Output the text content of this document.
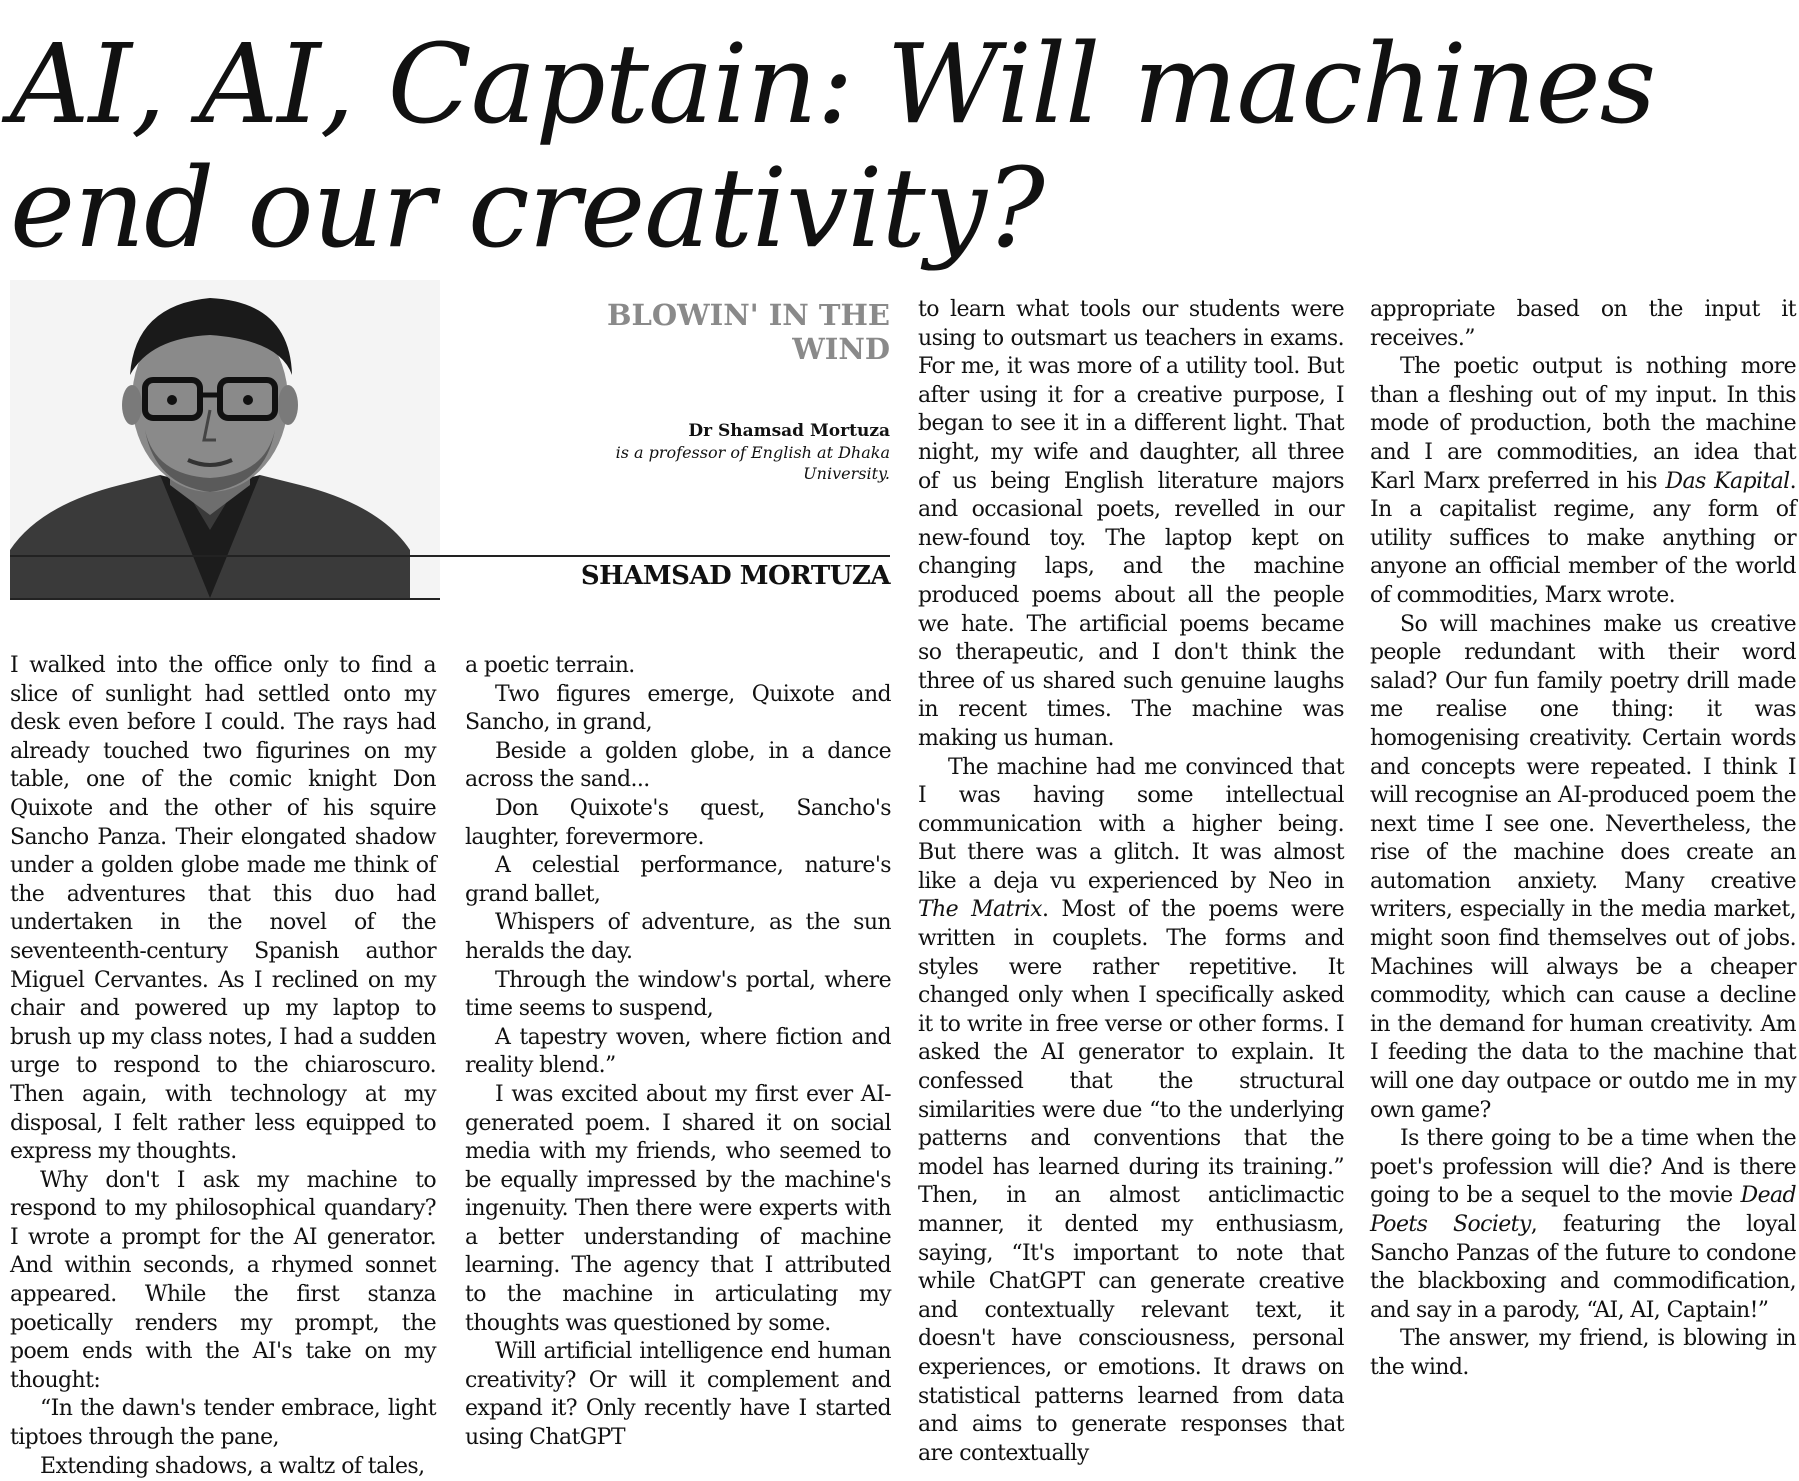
AI, AI, Captain: Will machines end our creativity?
BLOWIN' IN THE WIND
Dr Shamsad Mortuza
is a professor of English at Dhaka University.
SHAMSAD MORTUZA

I walked into the office only to find a slice of sunlight had settled onto my desk even before I could. The rays had already touched two figurines on my table, one of the comic knight Don Quixote and the other of his squire Sancho Panza. Their elongated shadow under a golden globe made me think of the adventures that this duo had undertaken in the novel of the seventeenth-century Spanish author Miguel Cervantes. As I reclined on my chair and powered up my laptop to brush up my class notes, I had a sudden urge to respond to the chiaroscuro. Then again, with technology at my disposal, I felt rather less equipped to express my thoughts.

Why don't I ask my machine to respond to my philosophical quandary? I wrote a prompt for the AI generator. And within seconds, a rhymed sonnet appeared. While the first stanza poetically renders my prompt, the poem ends with the AI's take on my thought:

“In the dawn's tender embrace, light tiptoes through the pane,

Extending shadows, a waltz of tales,

a poetic terrain.

Two figures emerge, Quixote and Sancho, in grand,

Beside a golden globe, in a dance across the sand...

Don Quixote's quest, Sancho's laughter, forevermore.

A celestial performance, nature's grand ballet,

Whispers of adventure, as the sun heralds the day.

Through the window's portal, where time seems to suspend,

A tapestry woven, where fiction and reality blend.”

I was excited about my first ever AI-generated poem. I shared it on social media with my friends, who seemed to be equally impressed by the machine's ingenuity. Then there were experts with a better understanding of machine learning. The agency that I attributed to the machine in articulating my thoughts was questioned by some.

Will artificial intelligence end human creativity? Or will it complement and expand it? Only recently have I started using ChatGPT

to learn what tools our students were using to outsmart us teachers in exams. For me, it was more of a utility tool. But after using it for a creative purpose, I began to see it in a different light. That night, my wife and daughter, all three of us being English literature majors and occasional poets, revelled in our new-found toy. The laptop kept on changing laps, and the machine produced poems about all the people we hate. The artificial poems became so therapeutic, and I don't think the three of us shared such genuine laughs in recent times. The machine was making us human.

The machine had me convinced that I was having some intellectual communication with a higher being. But there was a glitch. It was almost like a deja vu experienced by Neo in The Matrix. Most of the poems were written in couplets. The forms and styles were rather repetitive. It changed only when I specifically asked it to write in free verse or other forms. I asked the AI generator to explain. It confessed that the structural similarities were due “to the underlying patterns and conventions that the model has learned during its training.” Then, in an almost anticlimactic manner, it dented my enthusiasm, saying, “It's important to note that while ChatGPT can generate creative and contextually relevant text, it doesn't have consciousness, personal experiences, or emotions. It draws on statistical patterns learned from data and aims to generate responses that are contextually

appropriate based on the input it receives.”

The poetic output is nothing more than a fleshing out of my input. In this mode of production, both the machine and I are commodities, an idea that Karl Marx preferred in his Das Kapital. In a capitalist regime, any form of utility suffices to make anything or anyone an official member of the world of commodities, Marx wrote.

So will machines make us creative people redundant with their word salad? Our fun family poetry drill made me realise one thing: it was homogenising creativity. Certain words and concepts were repeated. I think I will recognise an AI-produced poem the next time I see one. Nevertheless, the rise of the machine does create an automation anxiety. Many creative writers, especially in the media market, might soon find themselves out of jobs. Machines will always be a cheaper commodity, which can cause a decline in the demand for human creativity. Am I feeding the data to the machine that will one day outpace or outdo me in my own game?

Is there going to be a time when the poet's profession will die? And is there going to be a sequel to the movie Dead Poets Society, featuring the loyal Sancho Panzas of the future to condone the blackboxing and commodification, and say in a parody, “AI, AI, Captain!”

The answer, my friend, is blowing in the wind.
